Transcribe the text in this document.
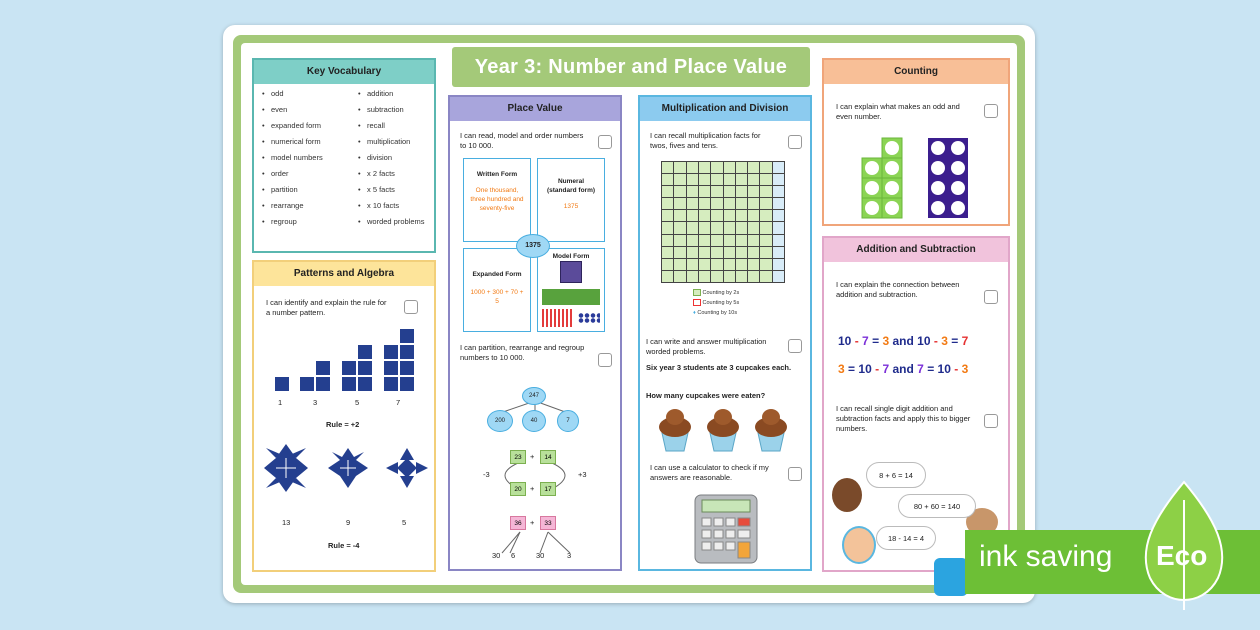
Year 3: Number and Place Value
Key Vocabulary
• odd
• even
• expanded form
• numerical form
• model numbers
• order
• partition
• rearrange
• regroup
• addition
• subtraction
• recall
• multiplication
• division
• x 2 facts
• x 5 facts
• x 10 facts
• worded problems
Patterns and Algebra
I can identify and explain the rule for a number pattern.
1	3	5	7
Rule = +2
13	9	5
Rule = -4
Place Value
I can read, model and order numbers to 10 000.
I can partition, rearrange and regroup numbers to 10 000.
Written Form
One thousand, three hundred and seventy-five
Numeral (standard form)
1375
Expanded Form
1000 + 300 + 70 + 5
Model Form
1375
247
200	40	7
23	+	14
20	+	17
-3	+3
36	+	33
30 6	30	3
Multiplication and Division
I can recall multiplication facts for twos, fives and tens.
I can write and answer multiplication worded problems.
Six year 3 students ate 3 cupcakes each.
How many cupcakes were eaten?
I can use a calculator to check if my answers are reasonable.
Counting by 2s
Counting by 5s
♦ Counting by 10s
Counting
I can explain what makes an odd and even number.
Addition and Subtraction
I can explain the connection between addition and subtraction.
I can recall single digit addition and subtraction facts and apply this to bigger numbers.
10 - 7 = 3 and 10 - 3 = 7
3 = 10 - 7 and 7 = 10 - 3
8 + 6 = 14
80 + 60 = 140
18 - 14 = 4
ink saving Eco
